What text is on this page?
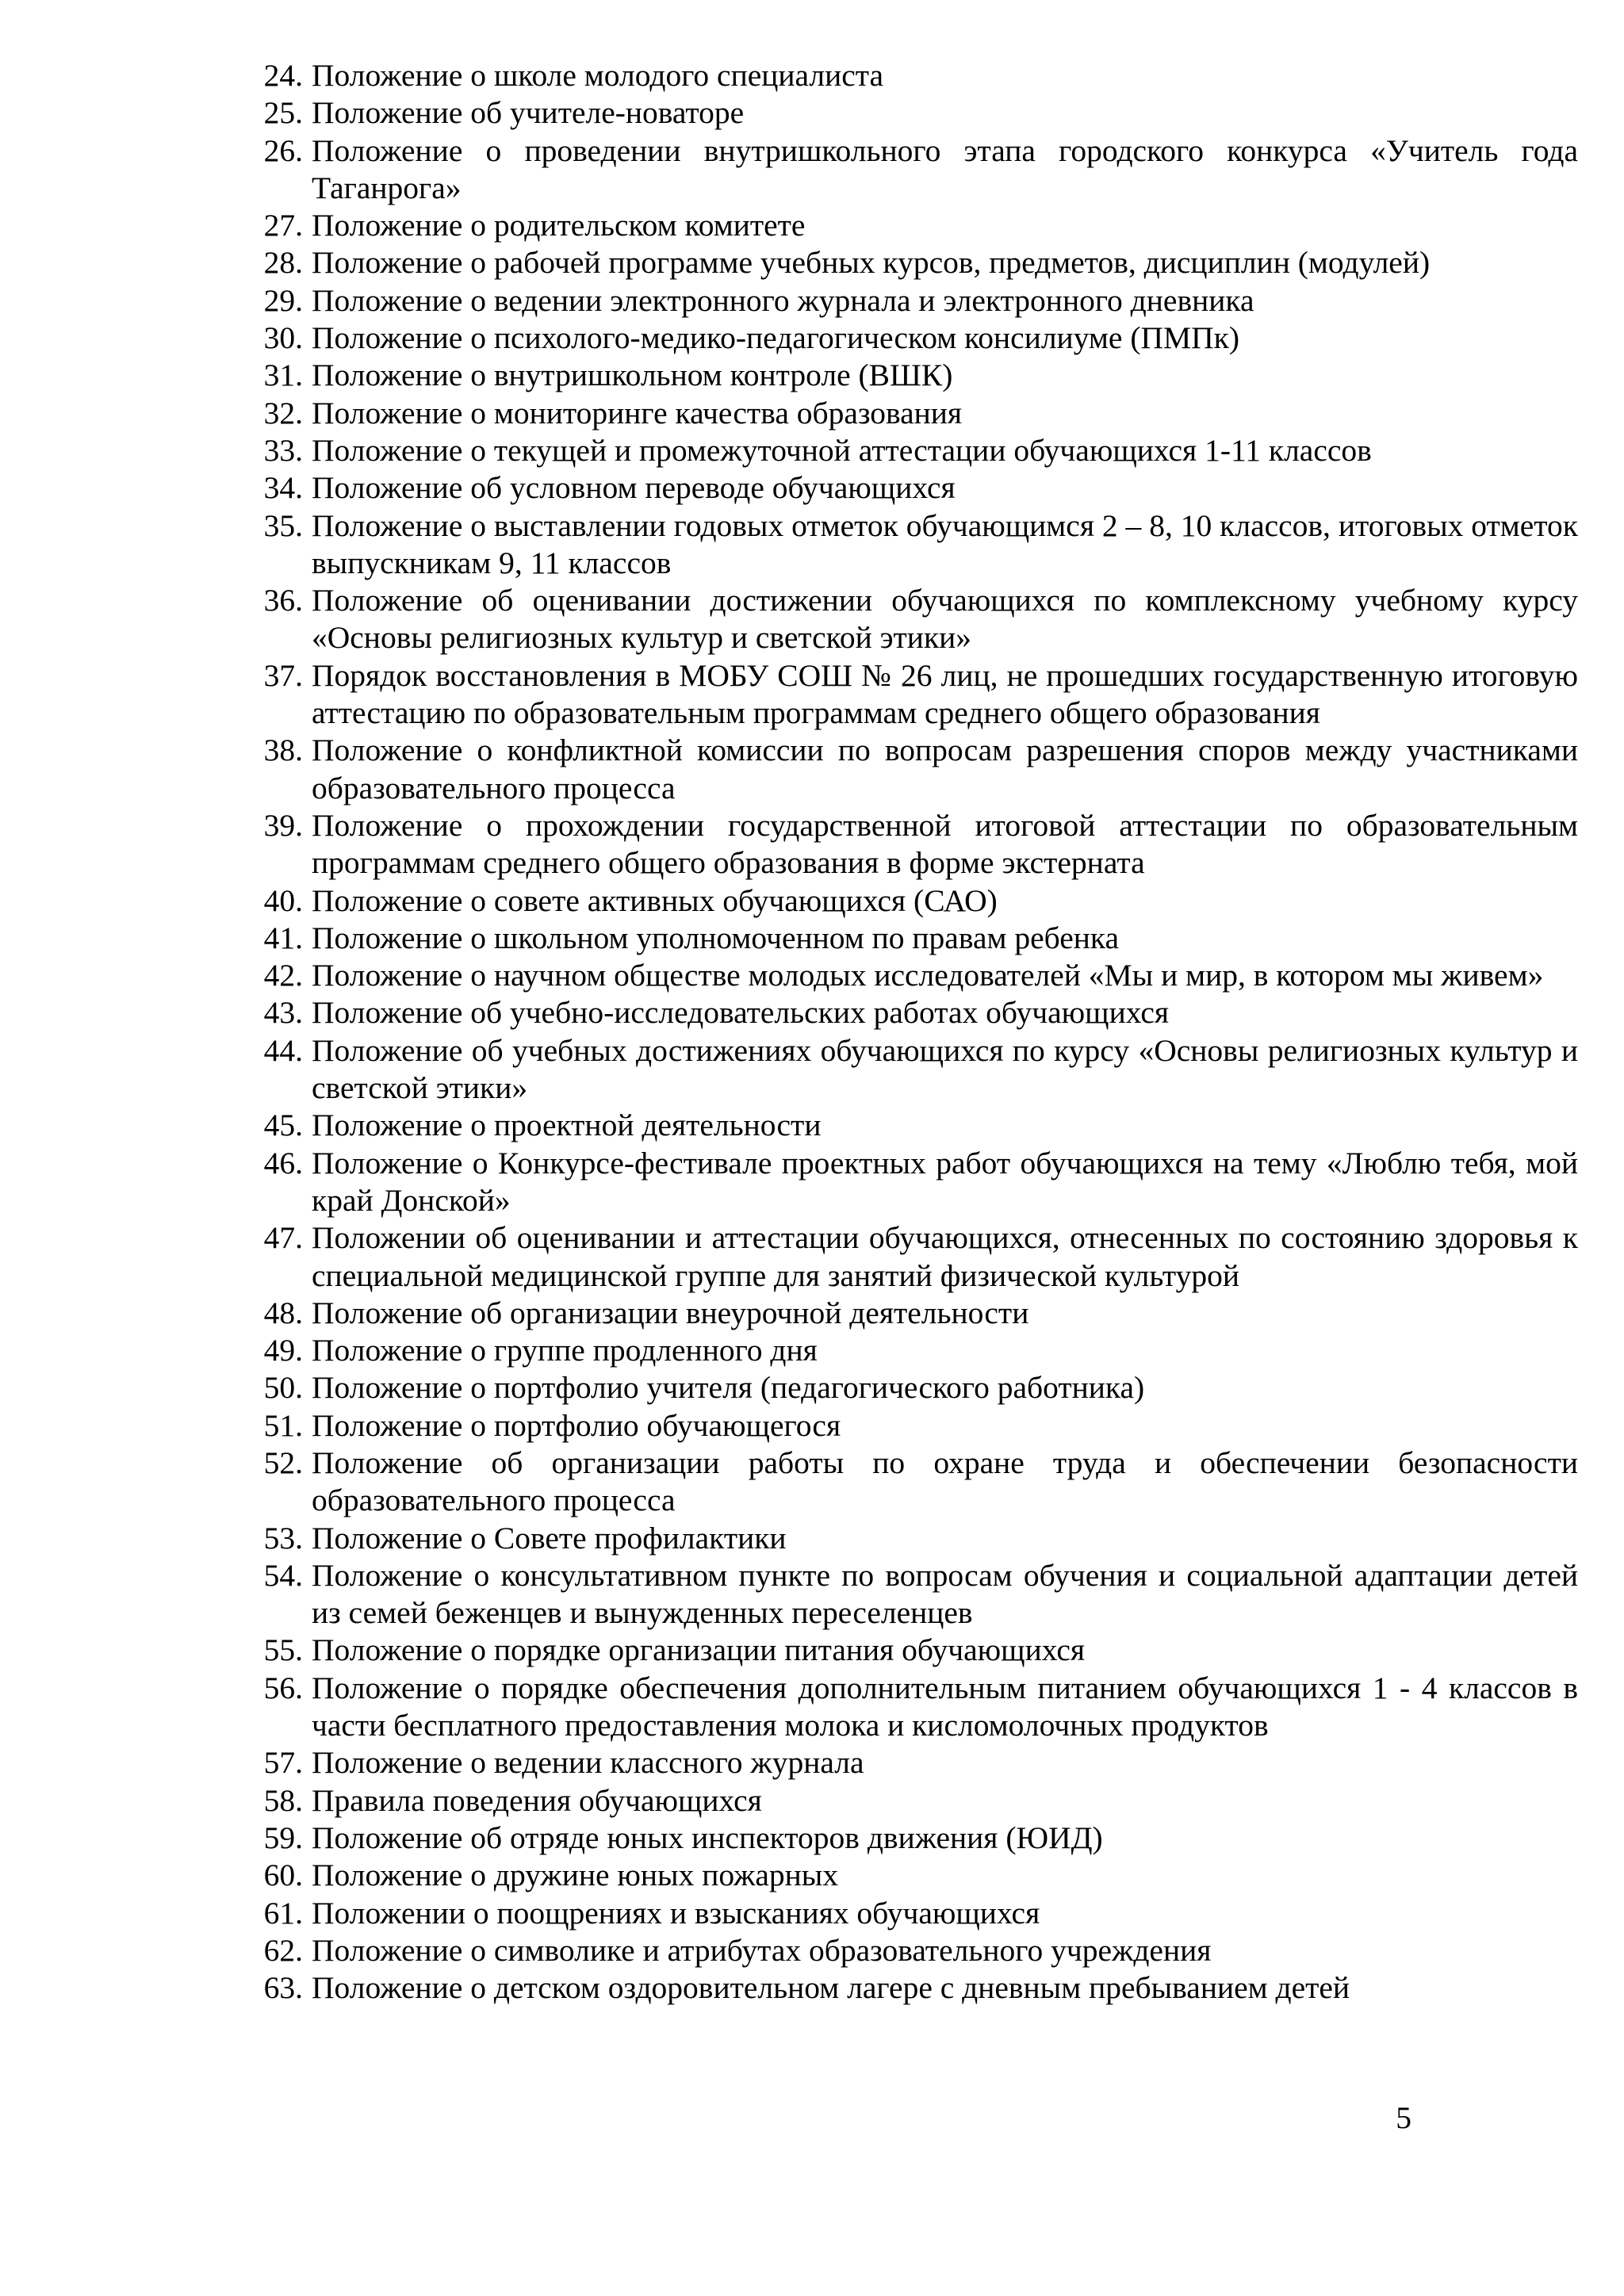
24. Положение о школе молодого специалиста
25. Положение об учителе-новаторе
26. Положение о проведении внутришкольного этапа городского конкурса «Учитель года Таганрога»
27. Положение о родительском комитете
28. Положение о рабочей программе учебных курсов, предметов, дисциплин (модулей)
29. Положение о ведении электронного журнала и электронного дневника
30. Положение о психолого-медико-педагогическом консилиуме (ПМПк)
31. Положение о внутришкольном контроле (ВШК)
32. Положение о мониторинге качества образования
33. Положение о текущей и промежуточной аттестации обучающихся 1-11 классов
34. Положение об условном переводе обучающихся
35. Положение о выставлении годовых отметок обучающимся 2 – 8, 10 классов, итоговых отметок выпускникам 9, 11 классов
36. Положение об оценивании достижении обучающихся по комплексному учебному курсу «Основы религиозных культур и светской этики»
37. Порядок восстановления в МОБУ СОШ № 26 лиц, не прошедших государственную итоговую аттестацию по образовательным программам среднего общего образования
38. Положение о конфликтной комиссии по вопросам разрешения споров между участниками образовательного процесса
39. Положение о прохождении государственной итоговой аттестации по образовательным программам среднего общего образования в форме экстерната
40. Положение о совете активных обучающихся (САО)
41. Положение о школьном уполномоченном по правам ребенка
42. Положение о научном обществе молодых исследователей «Мы и мир, в котором мы живем»
43. Положение об учебно-исследовательских работах обучающихся
44. Положение об учебных достижениях обучающихся по курсу «Основы религиозных культур и светской этики»
45. Положение о проектной деятельности
46. Положение о Конкурсе-фестивале проектных работ обучающихся на тему «Люблю тебя, мой край Донской»
47. Положении об оценивании и аттестации обучающихся, отнесенных по состоянию здоровья к специальной медицинской группе для занятий физической культурой
48. Положение об организации внеурочной деятельности
49. Положение о группе продленного дня
50. Положение о портфолио учителя (педагогического работника)
51. Положение о портфолио обучающегося
52. Положение об организации работы по охране труда и обеспечении безопасности образовательного процесса
53. Положение о Совете профилактики
54. Положение о консультативном пункте по вопросам обучения и социальной адаптации детей из семей беженцев и вынужденных переселенцев
55. Положение о порядке организации питания обучающихся
56. Положение о порядке обеспечения дополнительным питанием обучающихся 1 - 4 классов в части бесплатного предоставления молока и кисломолочных продуктов
57. Положение о ведении классного журнала
58. Правила поведения обучающихся
59. Положение об отряде юных инспекторов движения (ЮИД)
60. Положение о дружине юных пожарных
61. Положении о поощрениях и взысканиях обучающихся
62. Положение о символике и атрибутах образовательного учреждения
63. Положение о детском оздоровительном лагере с дневным пребыванием детей
5
